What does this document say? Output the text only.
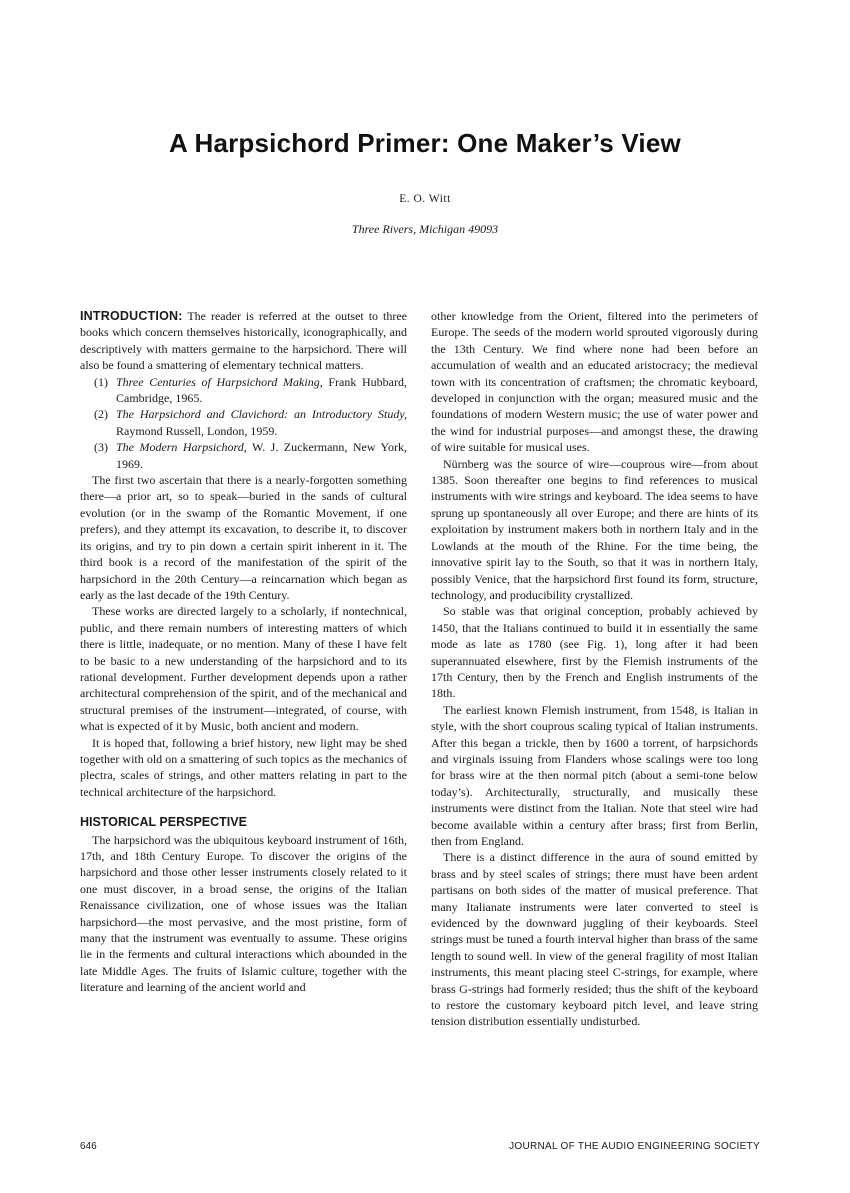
A Harpsichord Primer: One Maker’s View
E. O. Witt
Three Rivers, Michigan 49093

INTRODUCTION: The reader is referred at the outset to three books which concern themselves historically, iconographically, and descriptively with matters germaine to the harpsichord. There will also be found a smattering of elementary technical matters.

(1) Three Centuries of Harpsichord Making, Frank Hubbard, Cambridge, 1965.
(2) The Harpsichord and Clavichord: an Introductory Study, Raymond Russell, London, 1959.
(3) The Modern Harpsichord, W. J. Zuckermann, New York, 1969.

The first two ascertain that there is a nearly-forgotten something there—a prior art, so to speak—buried in the sands of cultural evolution (or in the swamp of the Romantic Movement, if one prefers), and they attempt its excavation, to describe it, to discover its origins, and try to pin down a certain spirit inherent in it. The third book is a record of the manifestation of the spirit of the harpsichord in the 20th Century—a reincarnation which began as early as the last decade of the 19th Century.

These works are directed largely to a scholarly, if nontechnical, public, and there remain numbers of interesting matters of which there is little, inadequate, or no mention. Many of these I have felt to be basic to a new understanding of the harpsichord and to its rational development. Further development depends upon a rather architectural comprehension of the spirit, and of the mechanical and structural premises of the instrument—integrated, of course, with what is expected of it by Music, both ancient and modern.

It is hoped that, following a brief history, new light may be shed together with old on a smattering of such topics as the mechanics of plectra, scales of strings, and other matters relating in part to the technical architecture of the harpsichord.

HISTORICAL PERSPECTIVE

The harpsichord was the ubiquitous keyboard instrument of 16th, 17th, and 18th Century Europe. To discover the origins of the harpsichord and those other lesser instruments closely related to it one must discover, in a broad sense, the origins of the Italian Renaissance civilization, one of whose issues was the Italian harpsichord—the most pervasive, and the most pristine, form of many that the instrument was eventually to assume. These origins lie in the ferments and cultural interactions which abounded in the late Middle Ages. The fruits of Islamic culture, together with the literature and learning of the ancient world and

other knowledge from the Orient, filtered into the perimeters of Europe. The seeds of the modern world sprouted vigorously during the 13th Century. We find where none had been before an accumulation of wealth and an educated aristocracy; the medieval town with its concentration of craftsmen; the chromatic keyboard, developed in conjunction with the organ; measured music and the foundations of modern Western music; the use of water power and the wind for industrial purposes—and amongst these, the drawing of wire suitable for musical uses.

Nürnberg was the source of wire—couprous wire—from about 1385. Soon thereafter one begins to find references to musical instruments with wire strings and keyboard. The idea seems to have sprung up spontaneously all over Europe; and there are hints of its exploitation by instrument makers both in northern Italy and in the Lowlands at the mouth of the Rhine. For the time being, the innovative spirit lay to the South, so that it was in northern Italy, possibly Venice, that the harpsichord first found its form, structure, technology, and producibility crystallized.

So stable was that original conception, probably achieved by 1450, that the Italians continued to build it in essentially the same mode as late as 1780 (see Fig. 1), long after it had been superannuated elsewhere, first by the Flemish instruments of the 17th Century, then by the French and English instruments of the 18th.

The earliest known Flemish instrument, from 1548, is Italian in style, with the short couprous scaling typical of Italian instruments. After this began a trickle, then by 1600 a torrent, of harpsichords and virginals issuing from Flanders whose scalings were too long for brass wire at the then normal pitch (about a semi-tone below today’s). Architecturally, structurally, and musically these instruments were distinct from the Italian. Note that steel wire had become available within a century after brass; first from Berlin, then from England.

There is a distinct difference in the aura of sound emitted by brass and by steel scales of strings; there must have been ardent partisans on both sides of the matter of musical preference. That many Italianate instruments were later converted to steel is evidenced by the downward juggling of their keyboards. Steel strings must be tuned a fourth interval higher than brass of the same length to sound well. In view of the general fragility of most Italian instruments, this meant placing steel C-strings, for example, where brass G-strings had formerly resided; thus the shift of the keyboard to restore the customary keyboard pitch level, and leave string tension distribution essentially undisturbed.

646	JOURNAL OF THE AUDIO ENGINEERING SOCIETY
